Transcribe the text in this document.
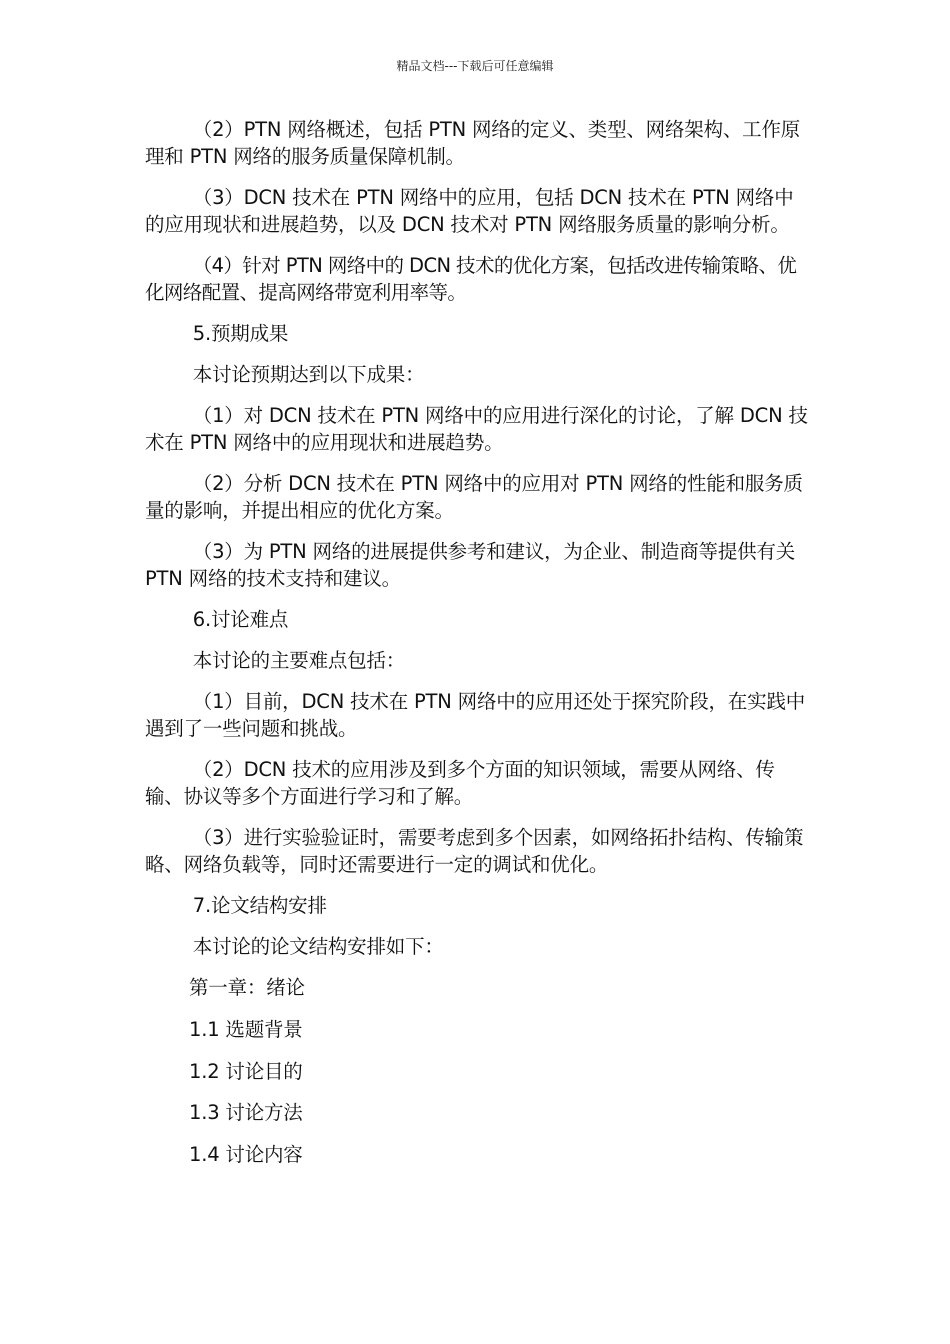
精品文档---下载后可任意编辑

（2）PTN 网络概述，包括 PTN 网络的定义、类型、网络架构、工作原理和 PTN 网络的服务质量保障机制。

（3）DCN 技术在 PTN 网络中的应用，包括 DCN 技术在 PTN 网络中的应用现状和进展趋势，以及 DCN 技术对 PTN 网络服务质量的影响分析。

（4）针对 PTN 网络中的 DCN 技术的优化方案，包括改进传输策略、优化网络配置、提高网络带宽利用率等。

5.预期成果

本讨论预期达到以下成果：

（1）对 DCN 技术在 PTN 网络中的应用进行深化的讨论，了解 DCN 技术在 PTN 网络中的应用现状和进展趋势。

（2）分析 DCN 技术在 PTN 网络中的应用对 PTN 网络的性能和服务质量的影响，并提出相应的优化方案。

（3）为 PTN 网络的进展提供参考和建议，为企业、制造商等提供有关 PTN 网络的技术支持和建议。

6.讨论难点

本讨论的主要难点包括：

（1）目前，DCN 技术在 PTN 网络中的应用还处于探究阶段，在实践中遇到了一些问题和挑战。

（2）DCN 技术的应用涉及到多个方面的知识领域，需要从网络、传输、协议等多个方面进行学习和了解。

（3）进行实验验证时，需要考虑到多个因素，如网络拓扑结构、传输策略、网络负载等，同时还需要进行一定的调试和优化。

7.论文结构安排

本讨论的论文结构安排如下：

第一章：绪论

1.1 选题背景

1.2 讨论目的

1.3 讨论方法

1.4 讨论内容
